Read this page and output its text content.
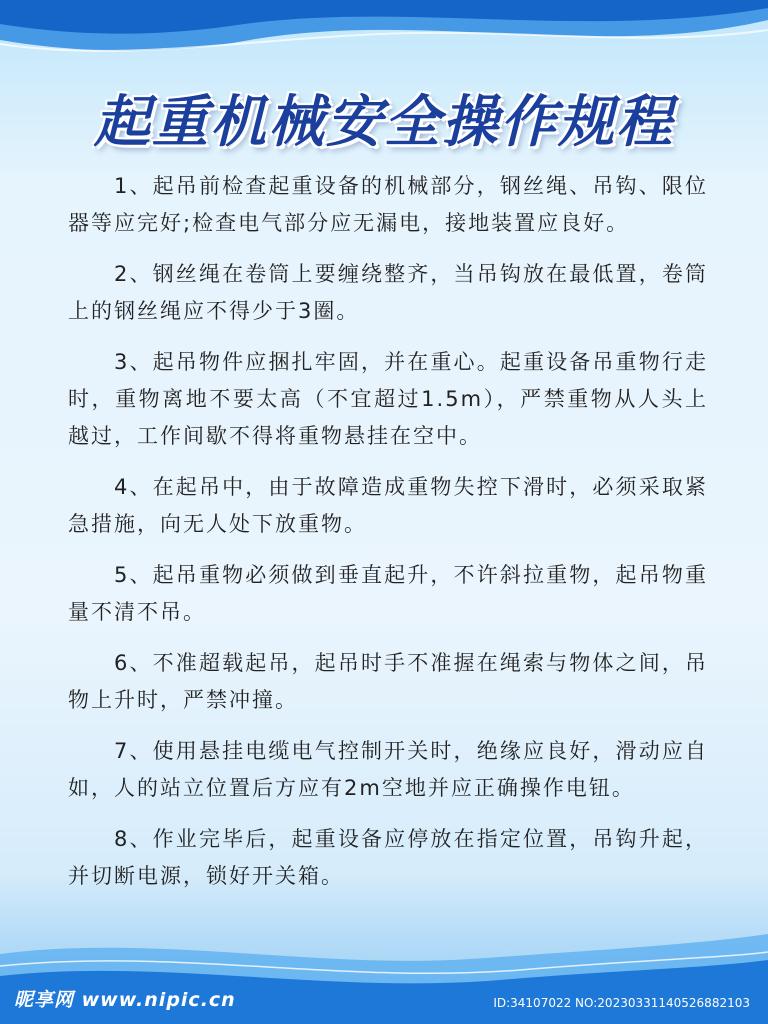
起重机械安全操作规程

1、起吊前检查起重设备的机械部分，钢丝绳、吊钩、限位器等应完好;检查电气部分应无漏电，接地装置应良好。

2、钢丝绳在卷筒上要缠绕整齐，当吊钩放在最低置，卷筒上的钢丝绳应不得少于3圈。

3、起吊物件应捆扎牢固，并在重心。起重设备吊重物行走时，重物离地不要太高（不宜超过1.5m），严禁重物从人头上越过，工作间歇不得将重物悬挂在空中。

4、在起吊中，由于故障造成重物失控下滑时，必须采取紧急措施，向无人处下放重物。

5、起吊重物必须做到垂直起升，不许斜拉重物，起吊物重量不清不吊。

6、不准超载起吊，起吊时手不准握在绳索与物体之间，吊物上升时，严禁冲撞。

7、使用悬挂电缆电气控制开关时，绝缘应良好，滑动应自如，人的站立位置后方应有2m空地并应正确操作电钮。

8、作业完毕后，起重设备应停放在指定位置，吊钩升起，并切断电源，锁好开关箱。

昵享网 www.nipic.cn	ID:34107022 NO:20230331140526882103
